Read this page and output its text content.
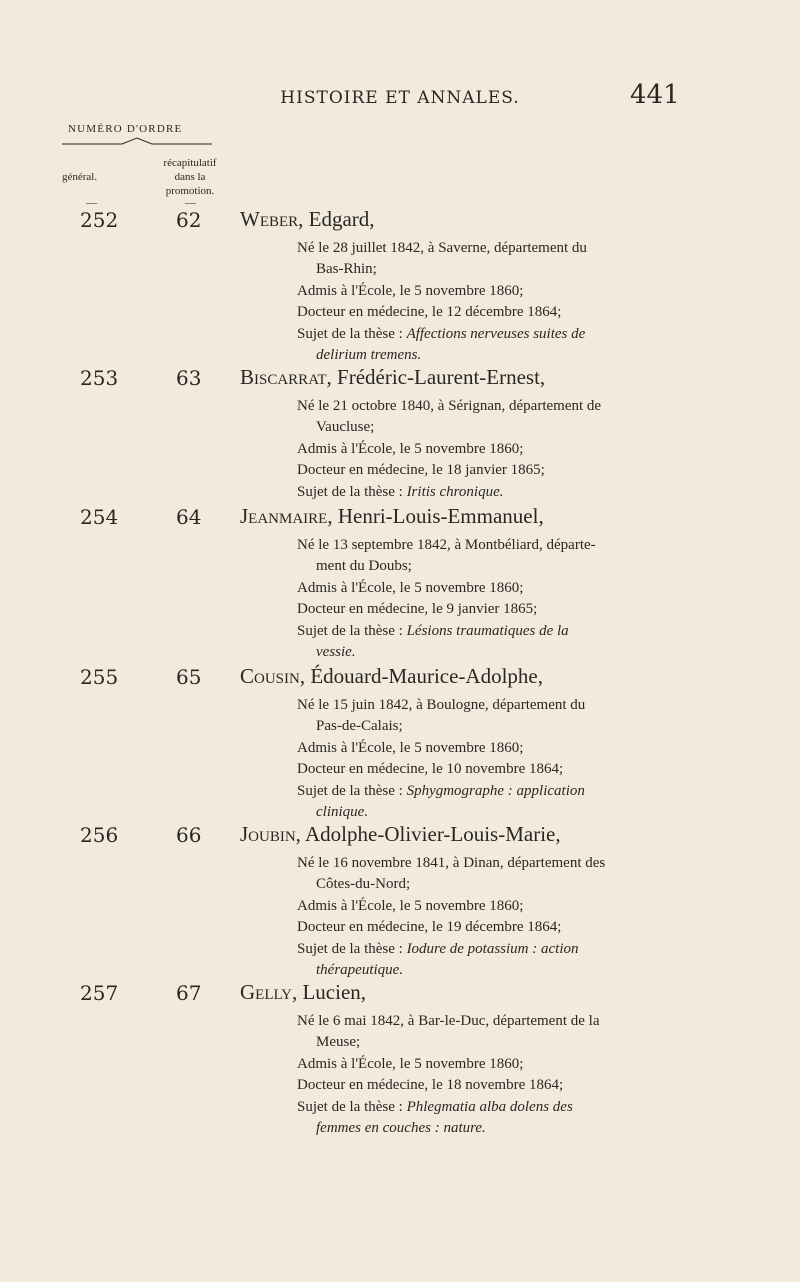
HISTOIRE ET ANNALES.	441
NUMÉRO D'ORDRE
général.
récapitulatif
dans la
promotion.
—	—
252	62 Weber, Edgard,
Né le 28 juillet 1842, à Saverne, département du
Bas-Rhin;
Admis à l'École, le 5 novembre 1860;
Docteur en médecine, le 12 décembre 1864;
Sujet de la thèse : Affections nerveuses suites de
delirium tremens.
253	63 Biscarrat, Frédéric-Laurent-Ernest,
Né le 21 octobre 1840, à Sérignan, département de
Vaucluse;
Admis à l'École, le 5 novembre 1860;
Docteur en médecine, le 18 janvier 1865;
Sujet de la thèse : Iritis chronique.
254	64 Jeanmaire, Henri-Louis-Emmanuel,
Né le 13 septembre 1842, à Montbéliard, départe-
ment du Doubs;
Admis à l'École, le 5 novembre 1860;
Docteur en médecine, le 9 janvier 1865;
Sujet de la thèse : Lésions traumatiques de la
vessie.
255	65 Cousin, Édouard-Maurice-Adolphe,
Né le 15 juin 1842, à Boulogne, département du
Pas-de-Calais;
Admis à l'École, le 5 novembre 1860;
Docteur en médecine, le 10 novembre 1864;
Sujet de la thèse : Sphygmographe : application
clinique.
256	66 Joubin, Adolphe-Olivier-Louis-Marie,
Né le 16 novembre 1841, à Dinan, département des
Côtes-du-Nord;
Admis à l'École, le 5 novembre 1860;
Docteur en médecine, le 19 décembre 1864;
Sujet de la thèse : Iodure de potassium : action
thérapeutique.
257	67 Gelly, Lucien,
Né le 6 mai 1842, à Bar-le-Duc, département de la
Meuse;
Admis à l'École, le 5 novembre 1860;
Docteur en médecine, le 18 novembre 1864;
Sujet de la thèse : Phlegmatia alba dolens des
femmes en couches : nature.
